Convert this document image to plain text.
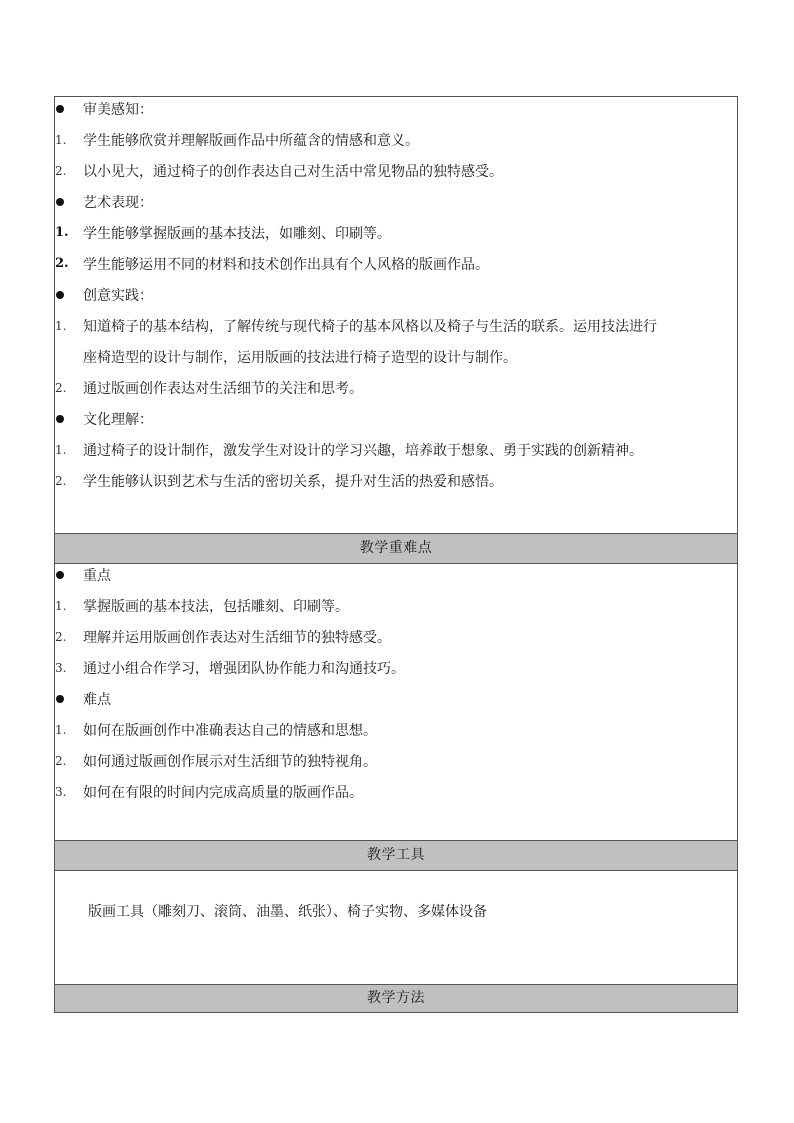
审美感知：
1.	学生能够欣赏并理解版画作品中所蕴含的情感和意义。
2.	以小见大，通过椅子的创作表达自己对生活中常见物品的独特感受。
艺术表现：
1.	学生能够掌握版画的基本技法，如雕刻、印刷等。
2.	学生能够运用不同的材料和技术创作出具有个人风格的版画作品。
创意实践：
1.	知道椅子的基本结构，了解传统与现代椅子的基本风格以及椅子与生活的联系。运用技法进行
座椅造型的设计与制作，运用版画的技法进行椅子造型的设计与制作。
2.	通过版画创作表达对生活细节的关注和思考。
文化理解：
1.	通过椅子的设计制作，激发学生对设计的学习兴趣，培养敢于想象、勇于实践的创新精神。
2.	学生能够认识到艺术与生活的密切关系，提升对生活的热爱和感悟。
教学重难点
重点
1.	掌握版画的基本技法，包括雕刻、印刷等。
2.	理解并运用版画创作表达对生活细节的独特感受。
3.	通过小组合作学习，增强团队协作能力和沟通技巧。
难点
1.	如何在版画创作中准确表达自己的情感和思想。
2.	如何通过版画创作展示对生活细节的独特视角。
3.	如何在有限的时间内完成高质量的版画作品。
教学工具
版画工具（雕刻刀、滚筒、油墨、纸张）、椅子实物、多媒体设备
教学方法
